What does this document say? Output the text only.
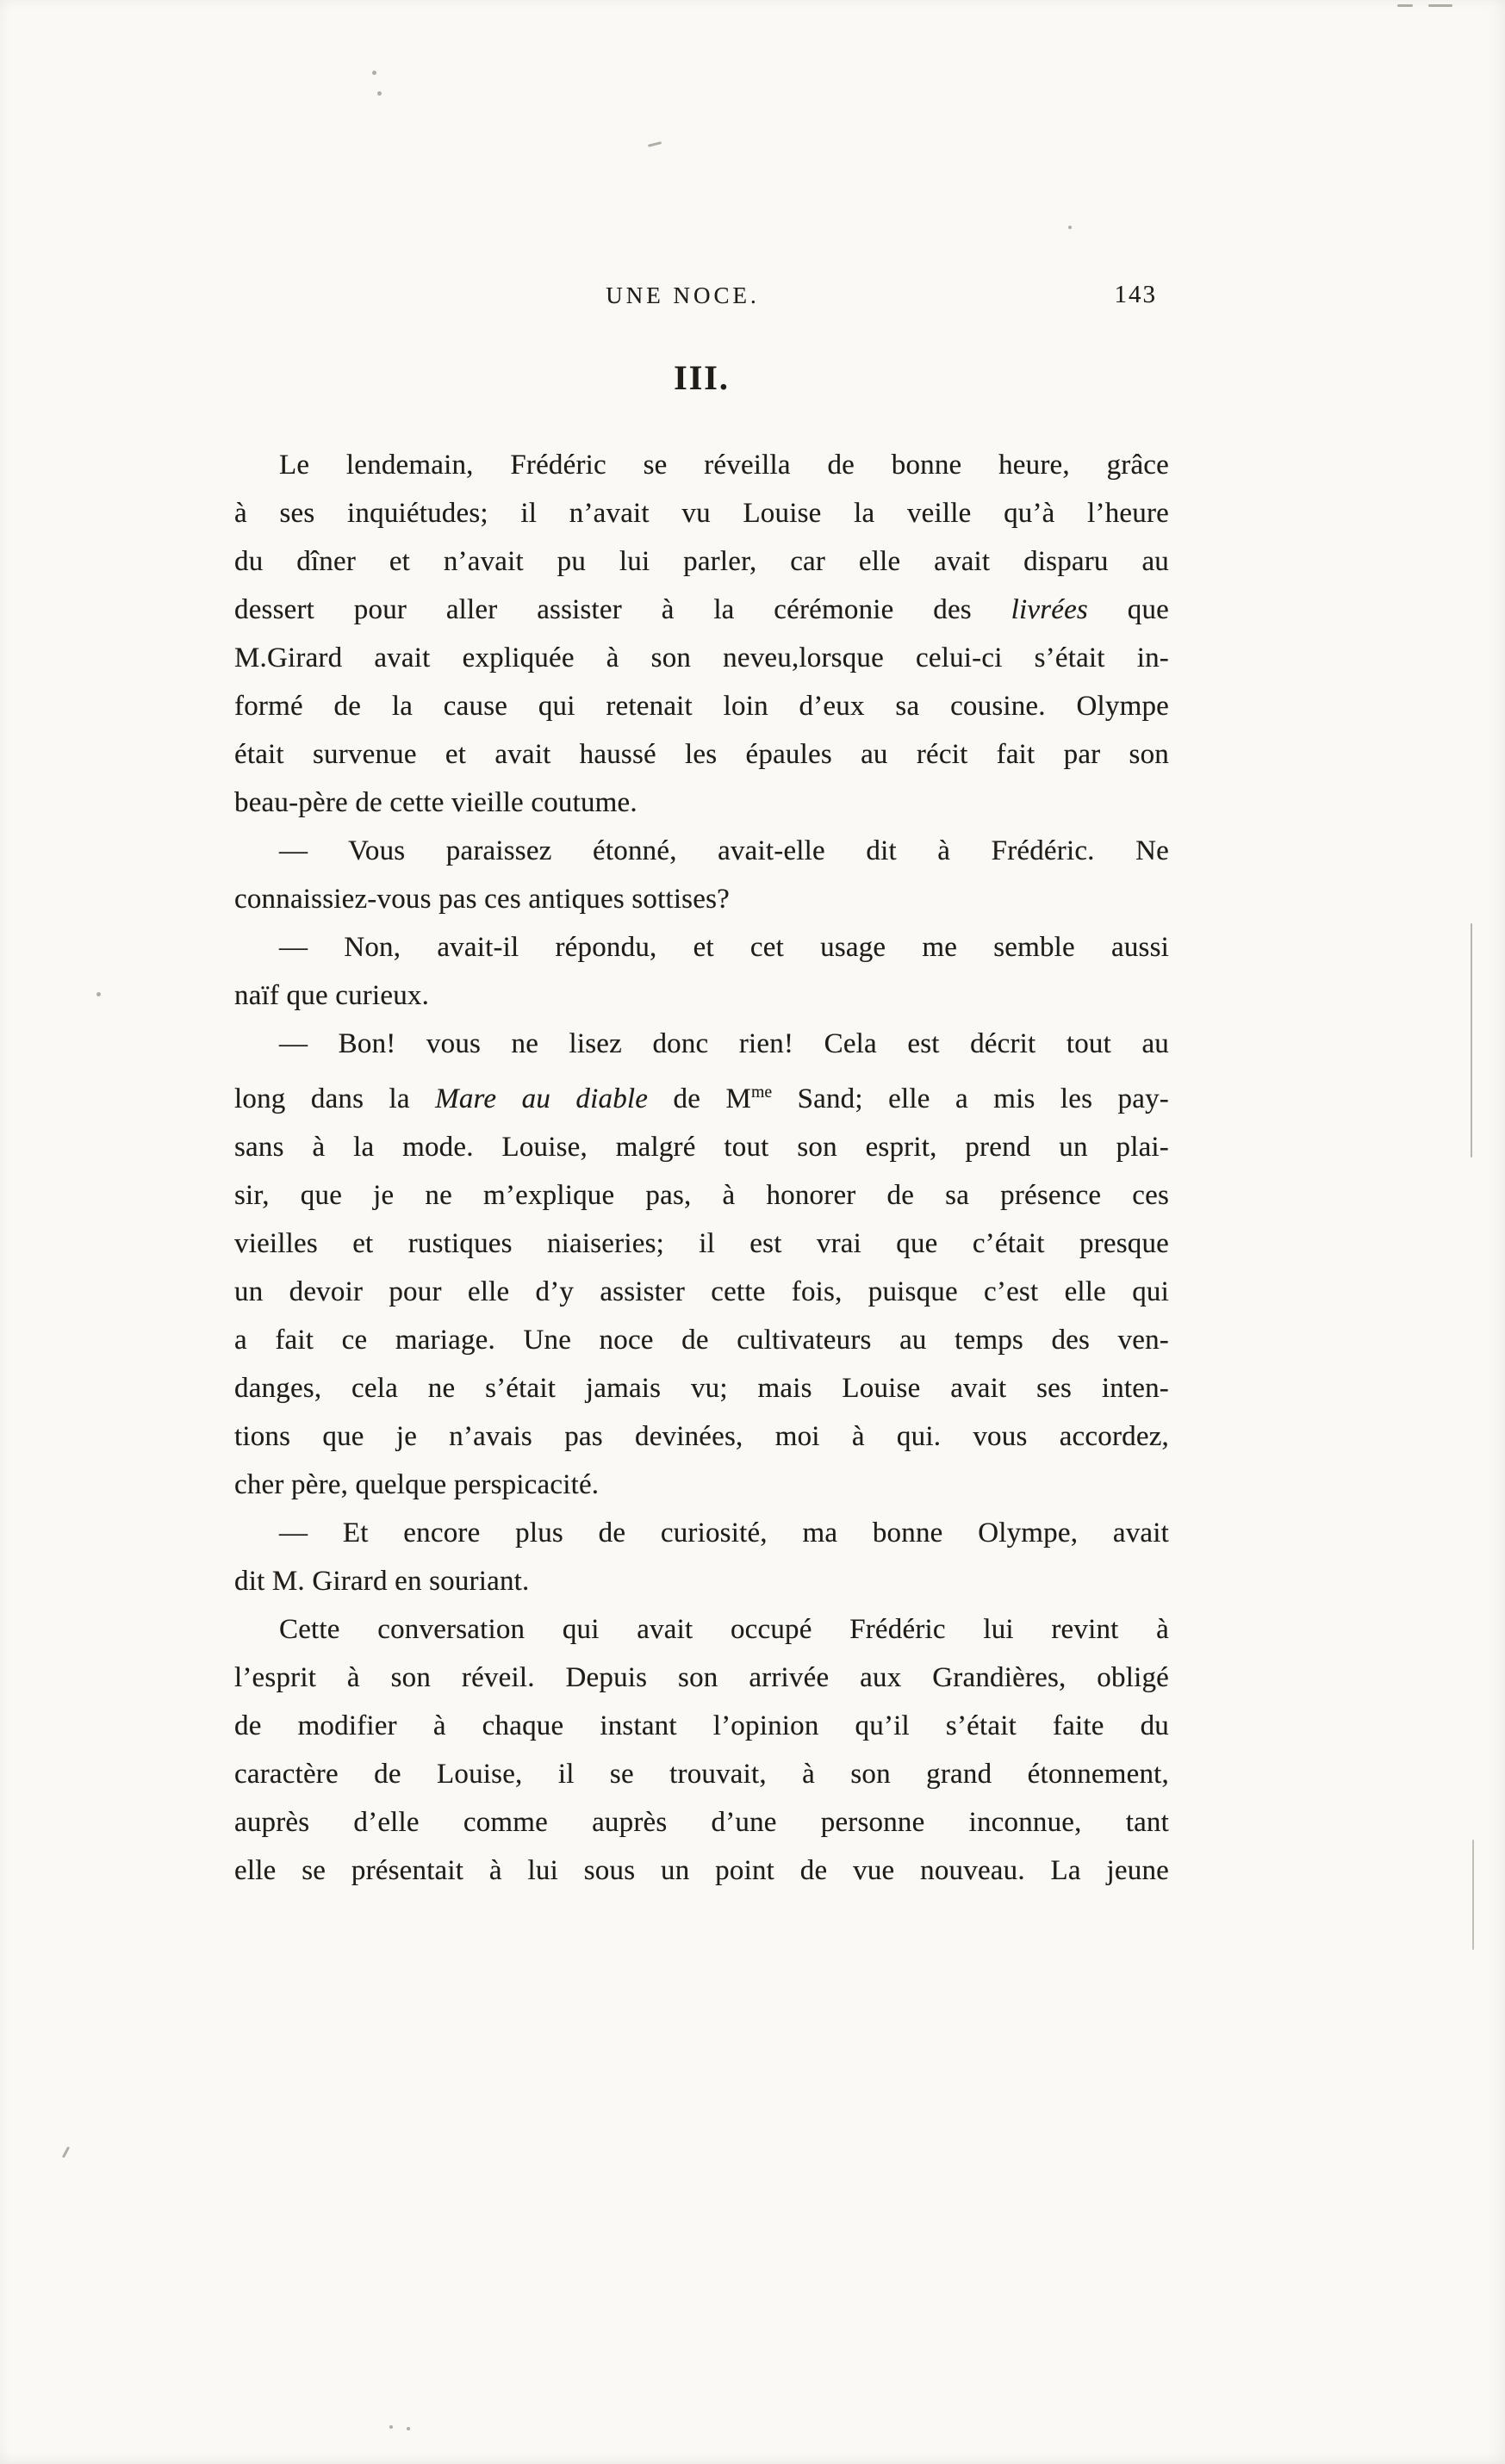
UNE NOCE.	143
III.
Le lendemain, Frédéric se réveilla de bonne heure, grâce
à ses inquiétudes; il n’avait vu Louise la veille qu’à l’heure
du dîner et n’avait pu lui parler, car elle avait disparu au
dessert pour aller assister à la cérémonie des livrées que
M.Girard avait expliquée à son neveu,lorsque celui-ci s’était in-
formé de la cause qui retenait loin d’eux sa cousine. Olympe
était survenue et avait haussé les épaules au récit fait par son
beau-père de cette vieille coutume.
— Vous paraissez étonné, avait-elle dit à Frédéric. Ne
connaissiez-vous pas ces antiques sottises?
— Non, avait-il répondu, et cet usage me semble aussi
naïf que curieux.
— Bon! vous ne lisez donc rien! Cela est décrit tout au
long dans la Mare au diable de $M^{me}$ Sand; elle a mis les pay-
sans à la mode. Louise, malgré tout son esprit, prend un plai-
sir, que je ne m’explique pas, à honorer de sa présence ces
vieilles et rustiques niaiseries; il est vrai que c’était presque
un devoir pour elle d’y assister cette fois, puisque c’est elle qui
a fait ce mariage. Une noce de cultivateurs au temps des ven-
danges, cela ne s’était jamais vu; mais Louise avait ses inten-
tions que je n’avais pas devinées, moi à qui. vous accordez,
cher père, quelque perspicacité.
— Et encore plus de curiosité, ma bonne Olympe, avait
dit M. Girard en souriant.
Cette conversation qui avait occupé Frédéric lui revint à
l’esprit à son réveil. Depuis son arrivée aux Grandières, obligé
de modifier à chaque instant l’opinion qu’il s’était faite du
caractère de Louise, il se trouvait, à son grand étonnement,
auprès d’elle comme auprès d’une personne inconnue, tant
elle se présentait à lui sous un point de vue nouveau. La jeune
